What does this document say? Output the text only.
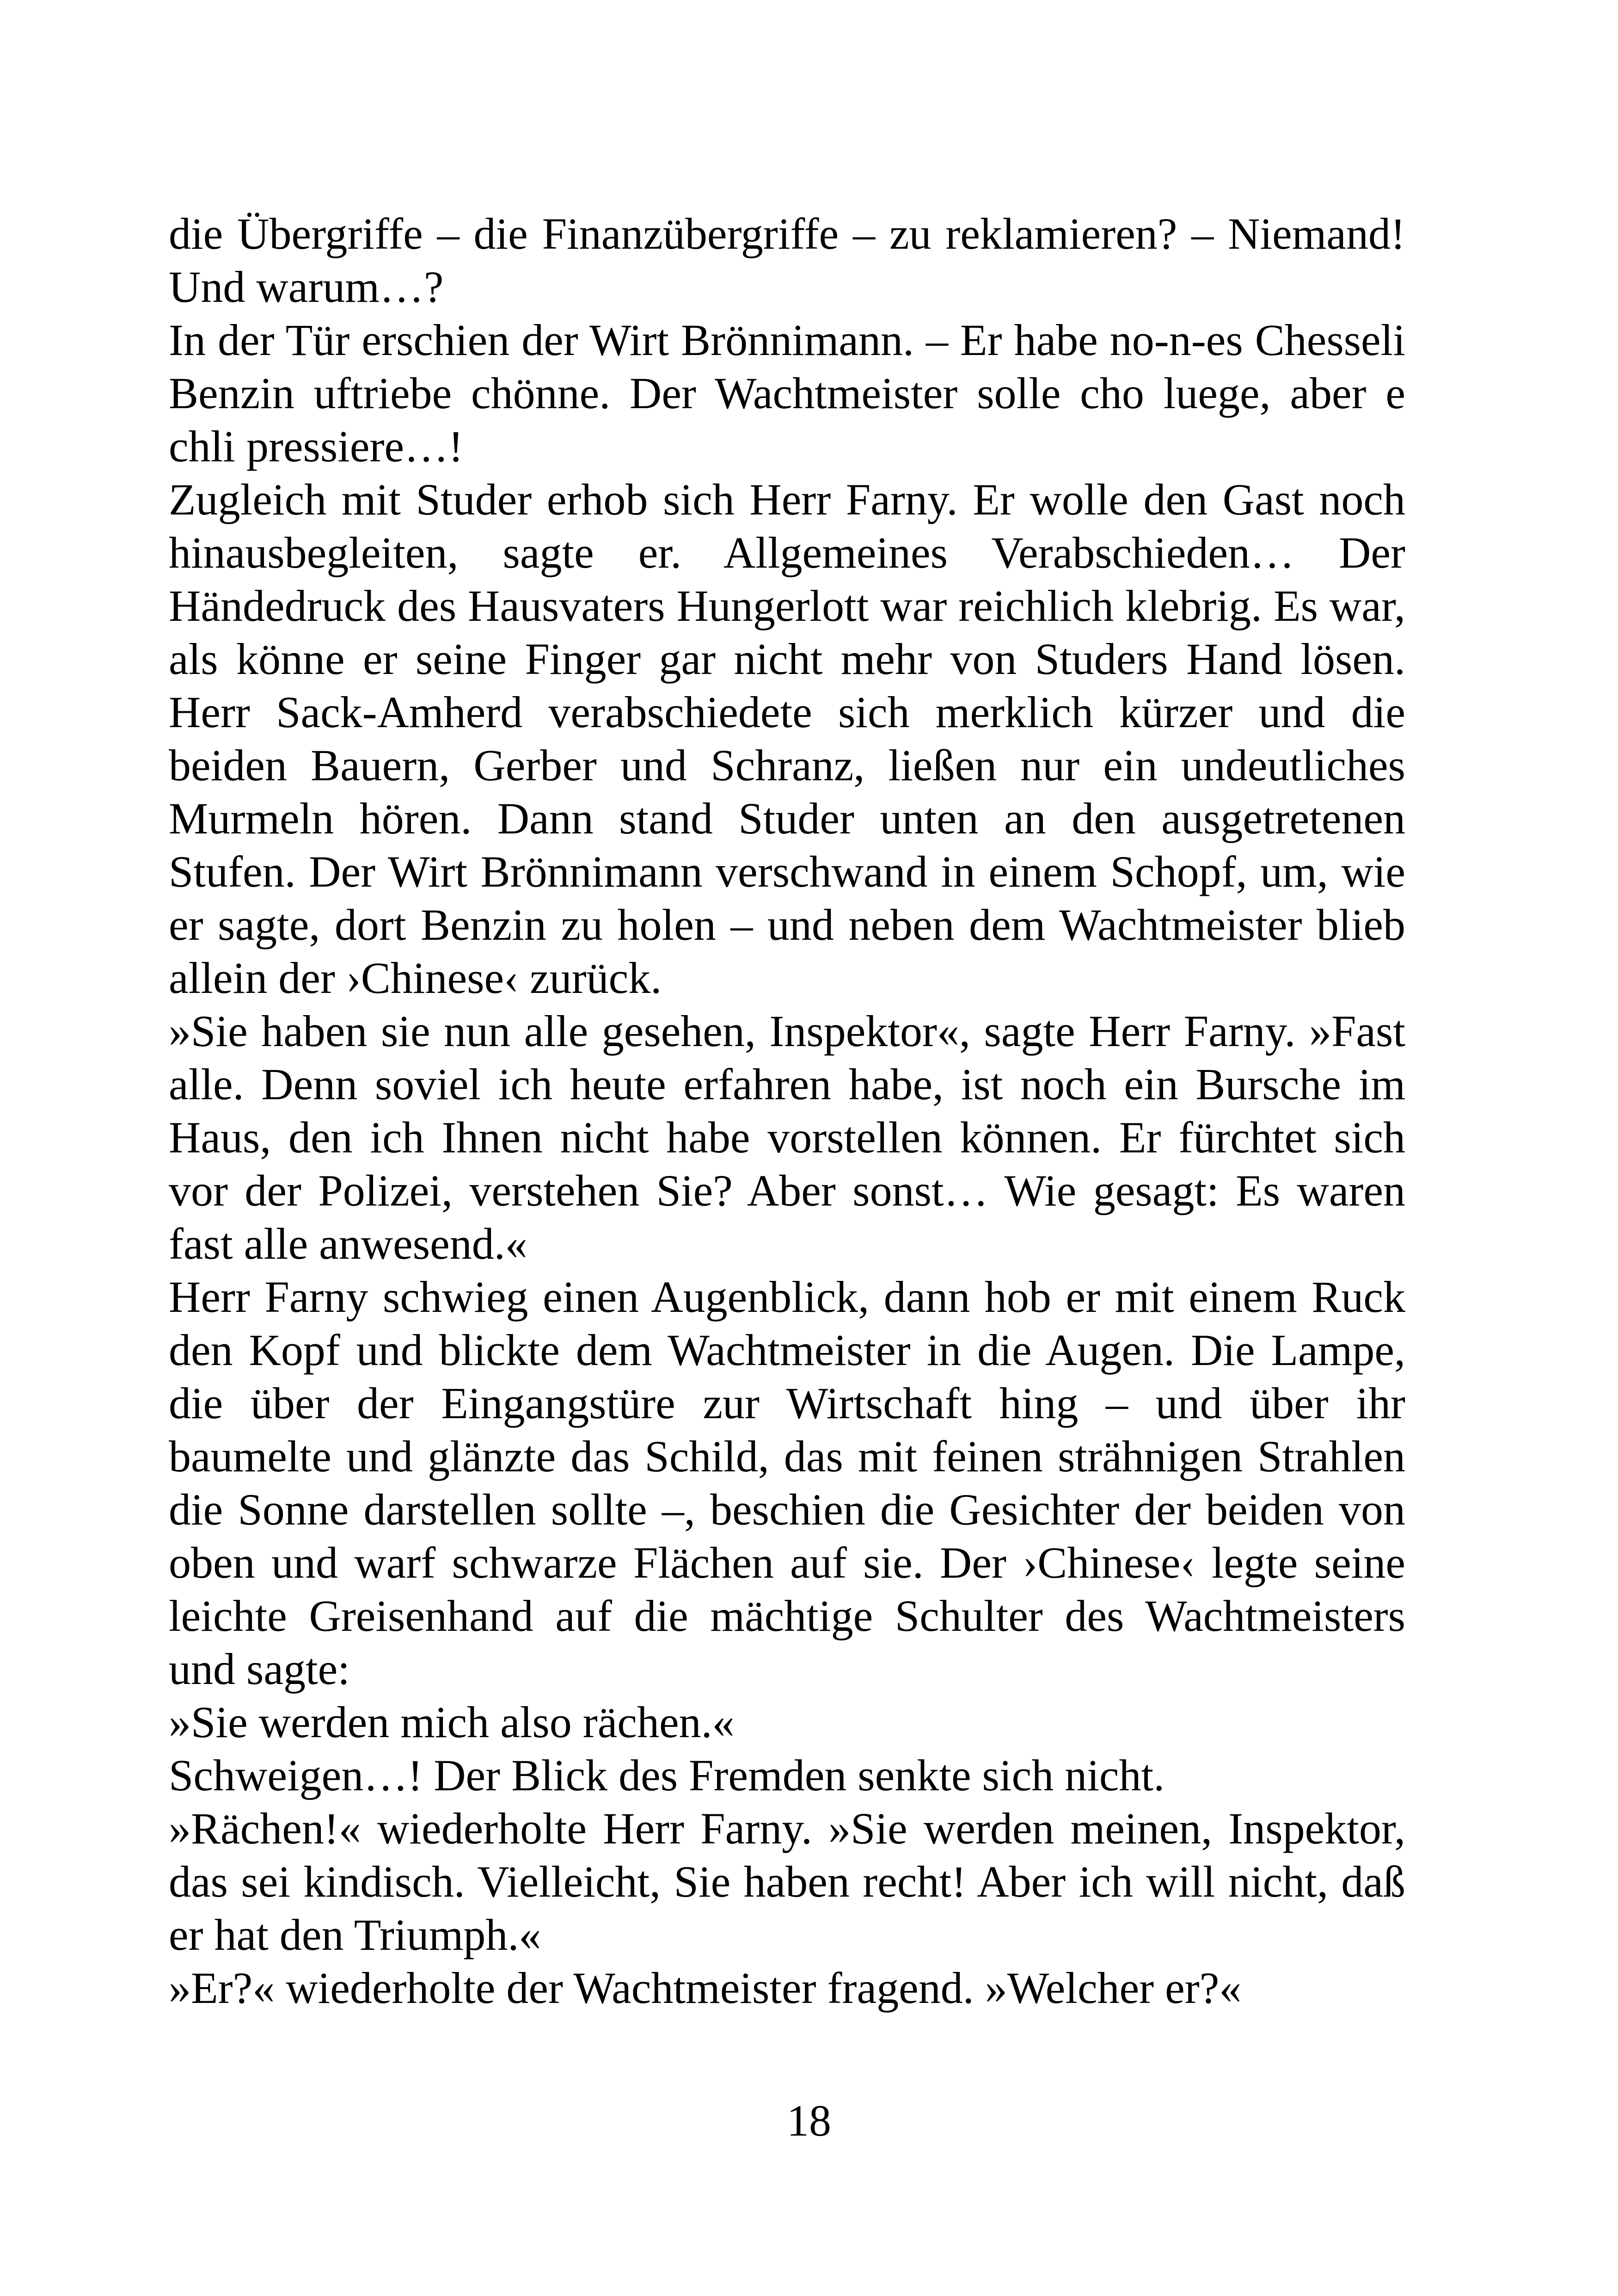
die Übergriffe – die Finanzübergriffe – zu reklamieren? – Niemand! Und warum…?

In der Tür erschien der Wirt Brönnimann. – Er habe no-n-es Chesseli Benzin uftriebe chönne. Der Wachtmeister solle cho luege, aber e chli pressiere…!

Zugleich mit Studer erhob sich Herr Farny. Er wolle den Gast noch hinausbegleiten, sagte er. Allgemeines Verabschieden… Der Händedruck des Hausvaters Hungerlott war reichlich klebrig. Es war, als könne er seine Finger gar nicht mehr von Studers Hand lösen. Herr Sack-Amherd verabschiedete sich merklich kürzer und die beiden Bauern, Gerber und Schranz, ließen nur ein undeutliches Murmeln hören. Dann stand Studer unten an den ausgetretenen Stufen. Der Wirt Brönnimann verschwand in einem Schopf, um, wie er sagte, dort Benzin zu holen – und neben dem Wachtmeister blieb allein der ›Chinese‹ zurück.

»Sie haben sie nun alle gesehen, Inspektor«, sagte Herr Farny. »Fast alle. Denn soviel ich heute erfahren habe, ist noch ein Bursche im Haus, den ich Ihnen nicht habe vorstellen können. Er fürchtet sich vor der Polizei, verstehen Sie? Aber sonst… Wie gesagt: Es waren fast alle anwesend.«

Herr Farny schwieg einen Augenblick, dann hob er mit einem Ruck den Kopf und blickte dem Wachtmeister in die Augen. Die Lampe, die über der Eingangstüre zur Wirtschaft hing – und über ihr baumelte und glänzte das Schild, das mit feinen strähnigen Strahlen die Sonne darstellen sollte –, beschien die Gesichter der beiden von oben und warf schwarze Flächen auf sie. Der ›Chinese‹ legte seine leichte Greisenhand auf die mächtige Schulter des Wachtmeisters und sagte:

»Sie werden mich also rächen.«

Schweigen…! Der Blick des Fremden senkte sich nicht.

»Rächen!« wiederholte Herr Farny. »Sie werden meinen, Inspektor, das sei kindisch. Vielleicht, Sie haben recht! Aber ich will nicht, daß er hat den Triumph.«

»Er?« wiederholte der Wachtmeister fragend. »Welcher er?«

18
